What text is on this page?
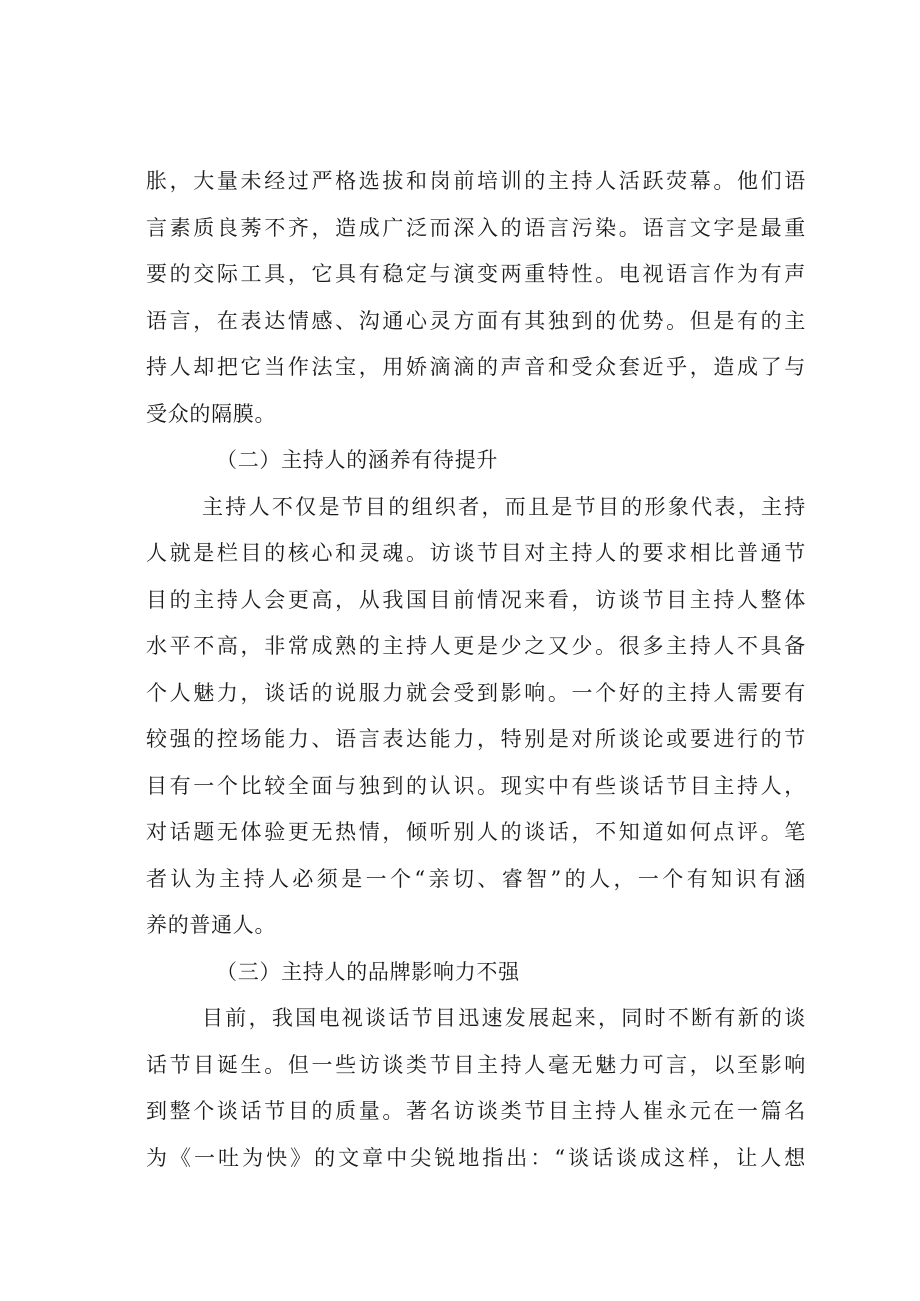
胀，大量未经过严格选拔和岗前培训的主持人活跃荧幕。他们语
言素质良莠不齐，造成广泛而深入的语言污染。语言文字是最重
要的交际工具，它具有稳定与演变两重特性。电视语言作为有声
语言，在表达情感、沟通心灵方面有其独到的优势。但是有的主
持人却把它当作法宝，用娇滴滴的声音和受众套近乎，造成了与
受众的隔膜。
（二）主持人的涵养有待提升
主持人不仅是节目的组织者，而且是节目的形象代表，主持
人就是栏目的核心和灵魂。访谈节目对主持人的要求相比普通节
目的主持人会更高，从我国目前情况来看，访谈节目主持人整体
水平不高，非常成熟的主持人更是少之又少。很多主持人不具备
个人魅力，谈话的说服力就会受到影响。一个好的主持人需要有
较强的控场能力、语言表达能力，特别是对所谈论或要进行的节
目有一个比较全面与独到的认识。现实中有些谈话节目主持人，
对话题无体验更无热情，倾听别人的谈话，不知道如何点评。笔
者认为主持人必须是一个“亲切、睿智”的人，一个有知识有涵
养的普通人。
（三）主持人的品牌影响力不强
目前，我国电视谈话节目迅速发展起来，同时不断有新的谈
话节目诞生。但一些访谈类节目主持人毫无魅力可言，以至影响
到整个谈话节目的质量。著名访谈类节目主持人崔永元在一篇名
为《一吐为快》的文章中尖锐地指出：“谈话谈成这样，让人想
